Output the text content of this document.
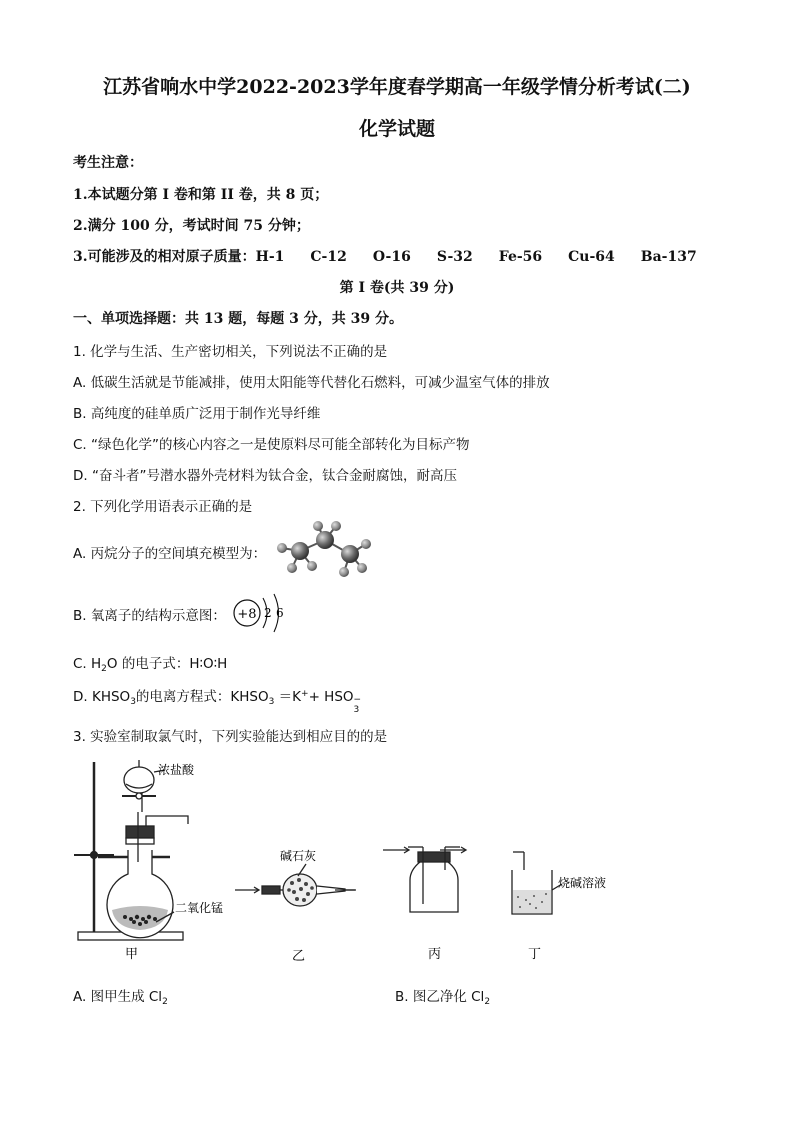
江苏省响水中学2022-2023学年度春学期高一年级学情分析考试(二)
化学试题
考生注意：
1.本试题分第 I 卷和第 II 卷，共 8 页；
2.满分 100 分，考试时间 75 分钟；
3.可能涉及的相对原子质量：H-1 C-12 O-16 S-32 Fe-56 Cu-64 Ba-137
第 I 卷(共 39 分)
一、单项选择题：共 13 题，每题 3 分，共 39 分。
1. 化学与生活、生产密切相关，下列说法不正确的是
A. 低碳生活就是节能减排，使用太阳能等代替化石燃料，可减少温室气体的排放
B. 高纯度的硅单质广泛用于制作光导纤维
C. “绿色化学”的核心内容之一是使原料尽可能全部转化为目标产物
D. “奋斗者”号潜水器外壳材料为钛合金，钛合金耐腐蚀，耐高压
2. 下列化学用语表示正确的是
A. 丙烷分子的空间填充模型为：
B. 氧离子的结构示意图： +8 2 6
C. $H_2O$ 的电子式：H∶O∶H
D. $KHSO_3$的电离方程式：$KHSO_3 =K^++$ HSO −
3
3. 实验室制取氯气时，下列实验能达到相应目的的是
浓盐酸
二氧化锰
碱石灰
烧碱溶液
甲	乙	丙	丁
A. 图甲生成 $Cl_2$	B. 图乙净化 $Cl_2$
